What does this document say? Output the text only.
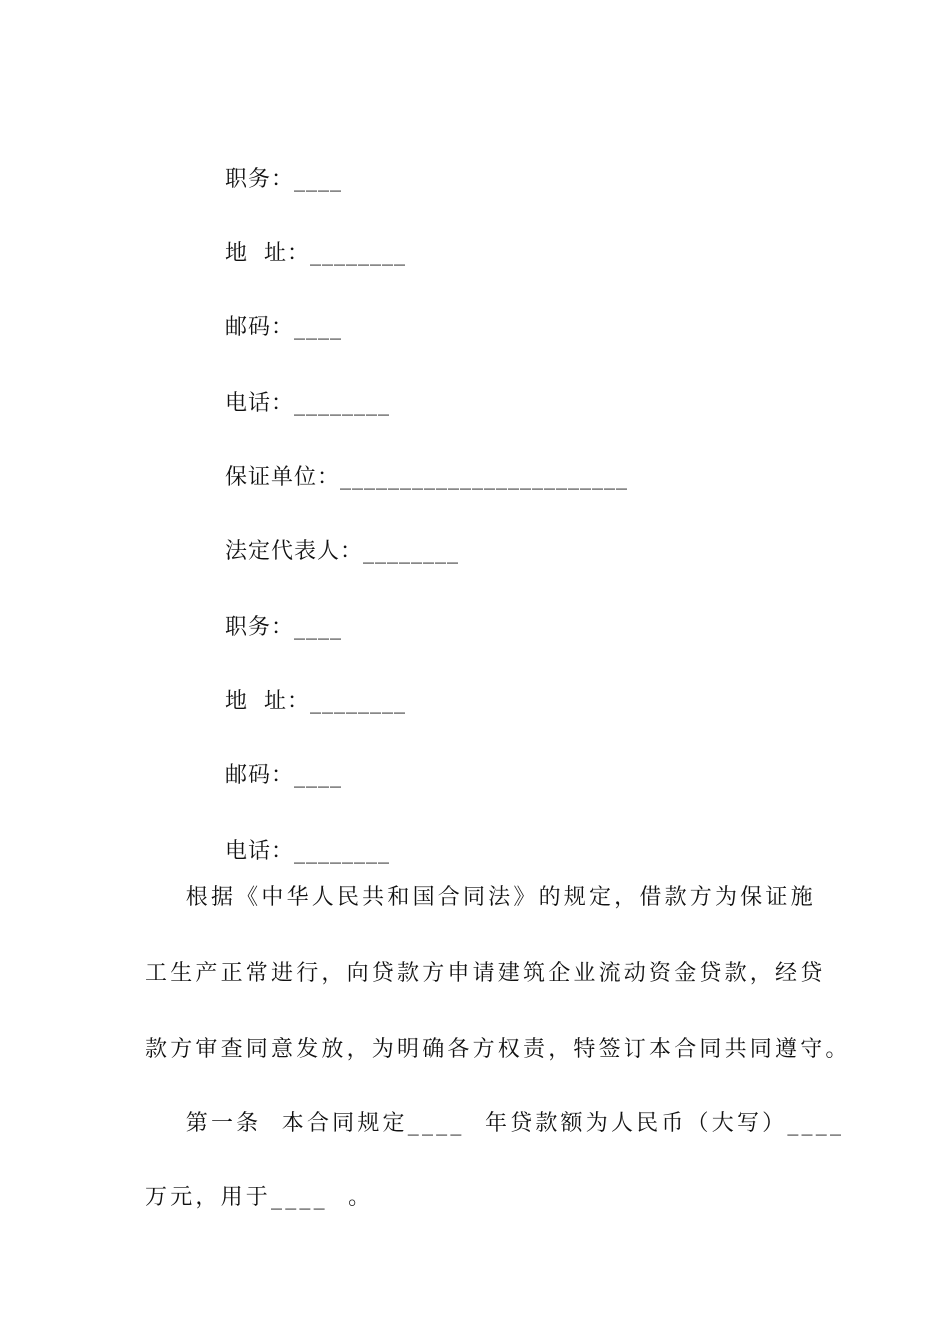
职务：____

地  址：________

邮码：____

电话：________

保证单位：________________________

法定代表人：________

职务：____

地  址：________

邮码：____

电话：________

根据《中华人民共和国合同法》的规定，借款方为保证施
工生产正常进行，向贷款方申请建筑企业流动资金贷款，经贷
款方审查同意发放，为明确各方权责，特签订本合同共同遵守。
第一条  本合同规定____  年贷款额为人民币（大写）____
万元，用于____  。
